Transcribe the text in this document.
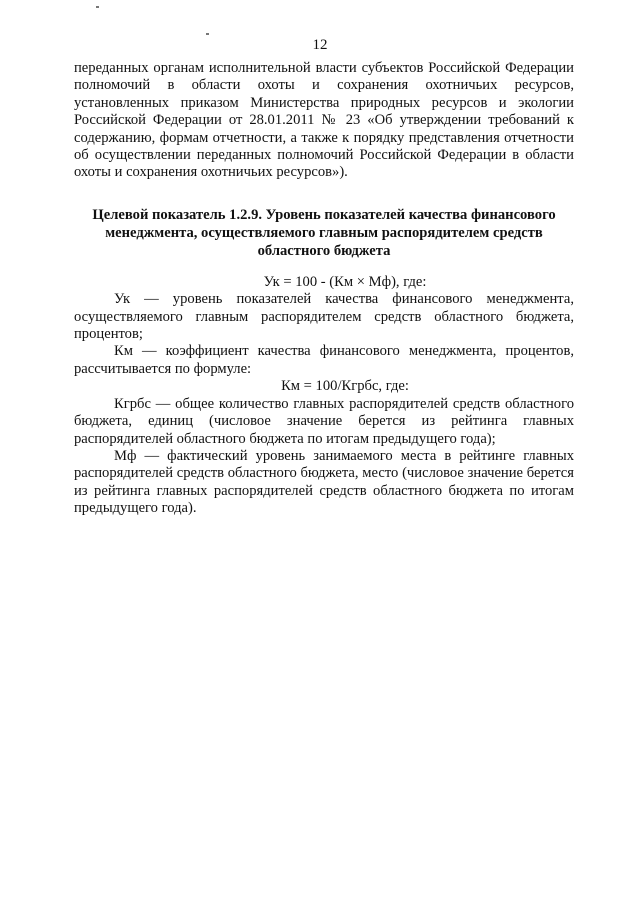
12

переданных органам исполнительной власти субъектов Российской Федерации полномочий в области охоты и сохранения охотничьих ресурсов, установленных приказом Министерства природных ресурсов и экологии Российской Федерации от 28.01.2011 № 23 «Об утверждении требований к содержанию, формам отчетности, а также к порядку представления отчетности об осуществлении переданных полномочий Российской Федерации в области охоты и сохранения охотничьих ресурсов»).

Целевой показатель 1.2.9. Уровень показателей качества финансового менеджмента, осуществляемого главным распорядителем средств областного бюджета

Ук = 100 - (Км × Мф), где:

Ук — уровень показателей качества финансового менеджмента, осуществляемого главным распорядителем средств областного бюджета, процентов;

Км — коэффициент качества финансового менеджмента, процентов, рассчитывается по формуле:

Км = 100/Кгрбс, где:

Кгрбс — общее количество главных распорядителей средств областного бюджета, единиц (числовое значение берется из рейтинга главных распорядителей областного бюджета по итогам предыдущего года);

Мф — фактический уровень занимаемого места в рейтинге главных распорядителей средств областного бюджета, место (числовое значение берется из рейтинга главных распорядителей средств областного бюджета по итогам предыдущего года).
